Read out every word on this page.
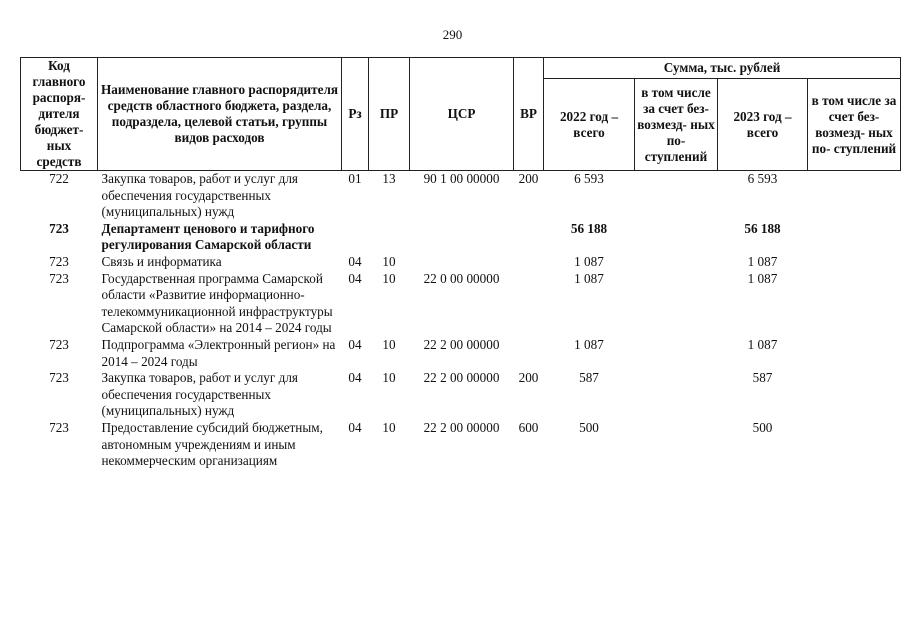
290
Код главного распоря- дителя бюджет- ных средств	Наименование главного распорядителя средств областного бюджета, раздела, подраздела, целевой статьи, группы видов расходов	Рз	ПР	ЦСР	ВР	Сумма, тыс. рублей			
						2022 год – всего	в том числе за счет без- возмезд- ных по- ступлений	2023 год – всего	в том числе за счет без- возмезд- ных по- ступлений
722	Закупка товаров, работ и услуг для обеспечения государственных (муниципальных) нужд	01	13	90 1 00 00000	200	6 593		6 593	
723	Департамент ценового и тарифного регулирования Самарской области					56 188		56 188	
723	Связь и информатика	04	10			1 087		1 087	
723	Государственная программа Самарской области «Развитие информационно-телекоммуникационной инфраструктуры Самарской области» на 2014 – 2024 годы	04	10	22 0 00 00000		1 087		1 087	
723	Подпрограмма «Электронный регион» на 2014 – 2024 годы	04	10	22 2 00 00000		1 087		1 087	
723	Закупка товаров, работ и услуг для обеспечения государственных (муниципальных) нужд	04	10	22 2 00 00000	200	587		587	
723	Предоставление субсидий бюджетным, автономным учреждениям и иным некоммерческим организациям	04	10	22 2 00 00000	600	500		500	
